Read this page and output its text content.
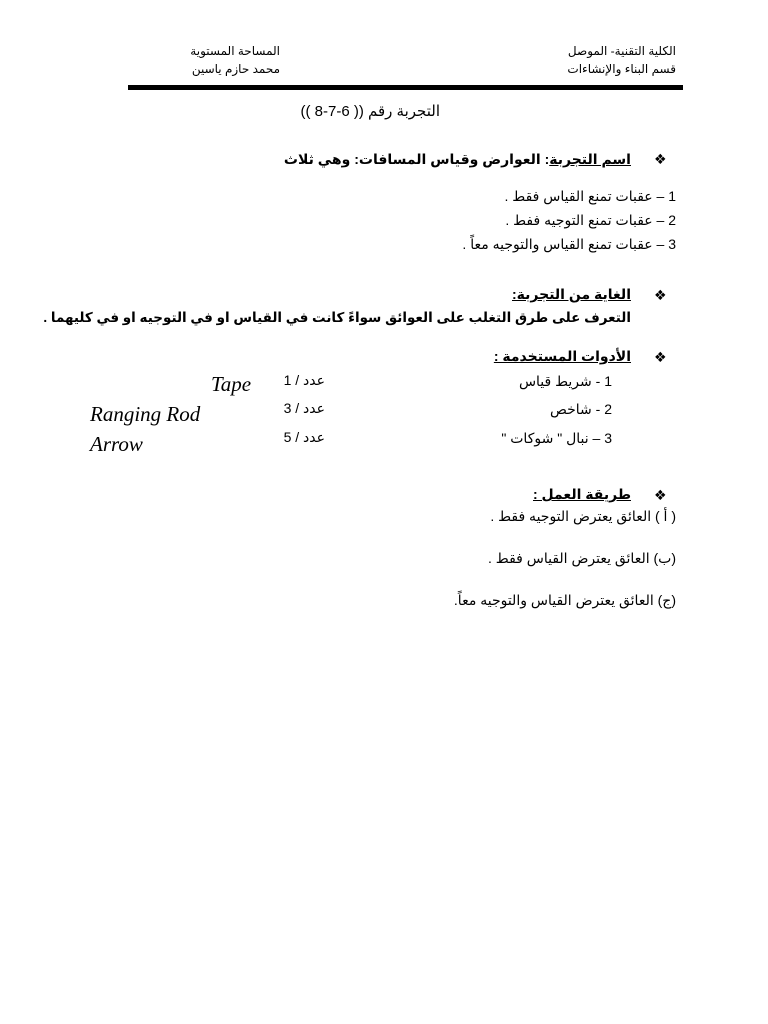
الكلية التقنية- الموصل
قسم البناء والإنشاءات
المساحة المستوية
محمد حازم ياسين
التجربة رقم (( 6-7-8 ))
❖
اسم التجربة: العوارض وقياس المسافات: وهي ثلاث
1 – عقبات تمنع القياس فقط .
2 – عقبات تمنع التوجيه ففط .
3 – عقبات تمنع القياس والتوجيه معاً .
❖
الغاية من التجربة:
التعرف على طرق التغلب على العوائق سواءً كانت في القياس او في التوجيه او في كليهما .
❖
الأدوات المستخدمة :
1 - شريط قياس
عدد / 1
Tape
2 - شاخص
عدد / 3
Ranging Rod
3 – نبال " شوكات "
عدد / 5
Arrow
❖
طريقة العمل :
( أ ) العائق يعترض التوجيه فقط .
(ب) العائق يعترض القياس فقط .
(ج) العائق يعترض القياس والتوجيه معاً.
